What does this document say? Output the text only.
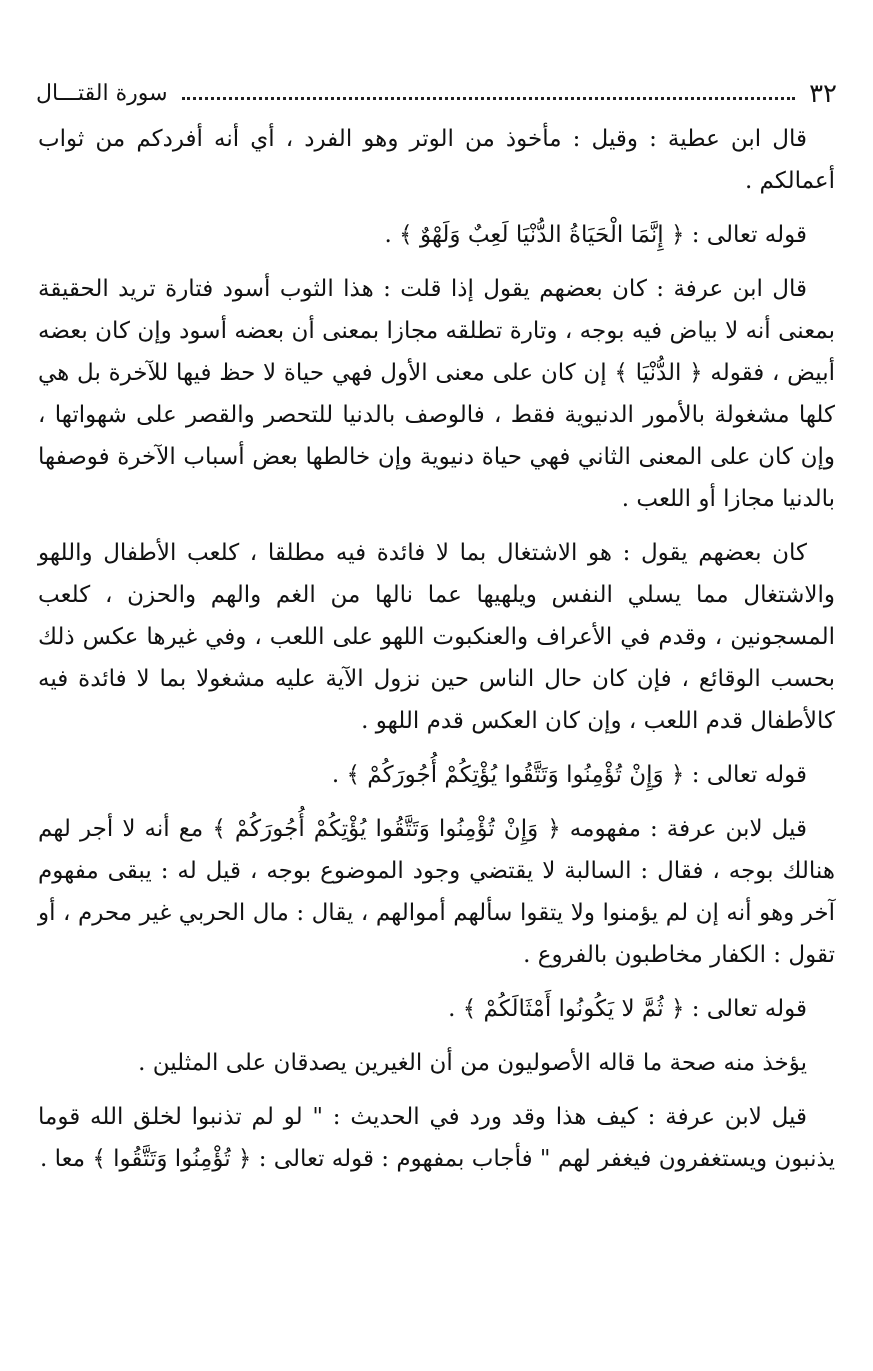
٣٢
سورة القتـــال

قال ابن عطية : وقيل : مأخوذ من الوتر وهو الفرد ، أي أنه أفردكم من ثواب أعمالكم .

قوله تعالى : ﴿ إِنَّمَا الْحَيَاةُ الدُّنْيَا لَعِبٌ وَلَهْوٌ ﴾ .

قال ابن عرفة : كان بعضهم يقول إذا قلت : هذا الثوب أسود فتارة تريد الحقيقة بمعنى أنه لا بياض فيه بوجه ، وتارة تطلقه مجازا بمعنى أن بعضه أسود وإن كان بعضه أبيض ، فقوله ﴿ الدُّنْيَا ﴾ إن كان على معنى الأول فهي حياة لا حظ فيها للآخرة بل هي كلها مشغولة بالأمور الدنيوية فقط ، فالوصف بالدنيا للتحصر والقصر على شهواتها ، وإن كان على المعنى الثاني فهي حياة دنيوية وإن خالطها بعض أسباب الآخرة فوصفها بالدنيا مجازا أو اللعب .

كان بعضهم يقول : هو الاشتغال بما لا فائدة فيه مطلقا ، كلعب الأطفال واللهو والاشتغال مما يسلي النفس ويلهيها عما نالها من الغم والهم والحزن ، كلعب المسجونين ، وقدم في الأعراف والعنكبوت اللهو على اللعب ، وفي غيرها عكس ذلك بحسب الوقائع ، فإن كان حال الناس حين نزول الآية عليه مشغولا بما لا فائدة فيه كالأطفال قدم اللعب ، وإن كان العكس قدم اللهو .

قوله تعالى : ﴿ وَإِنْ تُؤْمِنُوا وَتَتَّقُوا يُؤْتِكُمْ أُجُورَكُمْ ﴾ .

قيل لابن عرفة : مفهومه ﴿ وَإِنْ تُؤْمِنُوا وَتَتَّقُوا يُؤْتِكُمْ أُجُورَكُمْ ﴾ مع أنه لا أجر لهم هنالك بوجه ، فقال : السالبة لا يقتضي وجود الموضوع بوجه ، قيل له : يبقى مفهوم آخر وهو أنه إن لم يؤمنوا ولا يتقوا سألهم أموالهم ، يقال : مال الحربي غير محرم ، أو تقول : الكفار مخاطبون بالفروع .

قوله تعالى : ﴿ ثُمَّ لا يَكُونُوا أَمْثَالَكُمْ ﴾ .

يؤخذ منه صحة ما قاله الأصوليون من أن الغيرين يصدقان على المثلين .

قيل لابن عرفة : كيف هذا وقد ورد في الحديث : " لو لم تذنبوا لخلق الله قوما يذنبون ويستغفرون فيغفر لهم " فأجاب بمفهوم : قوله تعالى : ﴿ تُؤْمِنُوا وَتَتَّقُوا ﴾ معا .
